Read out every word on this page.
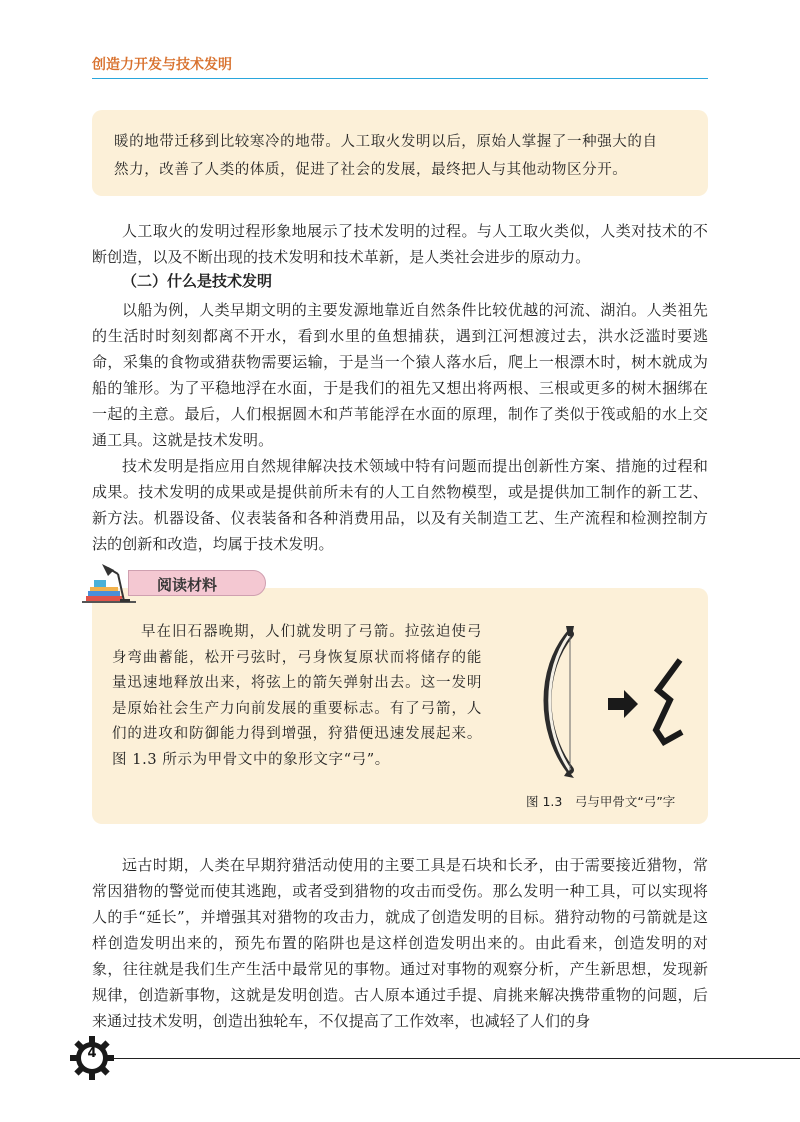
创造力开发与技术发明

暖的地带迁移到比较寒冷的地带。人工取火发明以后，原始人掌握了一种强大的自

然力，改善了人类的体质，促进了社会的发展，最终把人与其他动物区分开。

人工取火的发明过程形象地展示了技术发明的过程。与人工取火类似，人类对技术的不断创造，以及不断出现的技术发明和技术革新，是人类社会进步的原动力。

（二）什么是技术发明

以船为例，人类早期文明的主要发源地靠近自然条件比较优越的河流、湖泊。人类祖先的生活时时刻刻都离不开水，看到水里的鱼想捕获，遇到江河想渡过去，洪水泛滥时要逃命，采集的食物或猎获物需要运输，于是当一个猿人落水后，爬上一根漂木时，树木就成为船的雏形。为了平稳地浮在水面，于是我们的祖先又想出将两根、三根或更多的树木捆绑在一起的主意。最后，人们根据圆木和芦苇能浮在水面的原理，制作了类似于筏或船的水上交通工具。这就是技术发明。

技术发明是指应用自然规律解决技术领域中特有问题而提出创新性方案、措施的过程和成果。技术发明的成果或是提供前所未有的人工自然物模型，或是提供加工制作的新工艺、新方法。机器设备、仪表装备和各种消费用品，以及有关制造工艺、生产流程和检测控制方法的创新和改造，均属于技术发明。

阅读材料

早在旧石器晚期，人们就发明了弓箭。拉弦迫使弓身弯曲蓄能，松开弓弦时，弓身恢复原状而将储存的能量迅速地释放出来，将弦上的箭矢弹射出去。这一发明是原始社会生产力向前发展的重要标志。有了弓箭，人们的进攻和防御能力得到增强，狩猎便迅速发展起来。图 1.3 所示为甲骨文中的象形文字“弓”。

图 1.3　弓与甲骨文“弓”字

远古时期，人类在早期狩猎活动使用的主要工具是石块和长矛，由于需要接近猎物，常常因猎物的警觉而使其逃跑，或者受到猎物的攻击而受伤。那么发明一种工具，可以实现将人的手“延长”，并增强其对猎物的攻击力，就成了创造发明的目标。猎狩动物的弓箭就是这样创造发明出来的，预先布置的陷阱也是这样创造发明出来的。由此看来，创造发明的对象，往往就是我们生产生活中最常见的事物。通过对事物的观察分析，产生新思想，发现新规律，创造新事物，这就是发明创造。古人原本通过手提、肩挑来解决携带重物的问题，后来通过技术发明，创造出独轮车，不仅提高了工作效率，也减轻了人们的身

4
